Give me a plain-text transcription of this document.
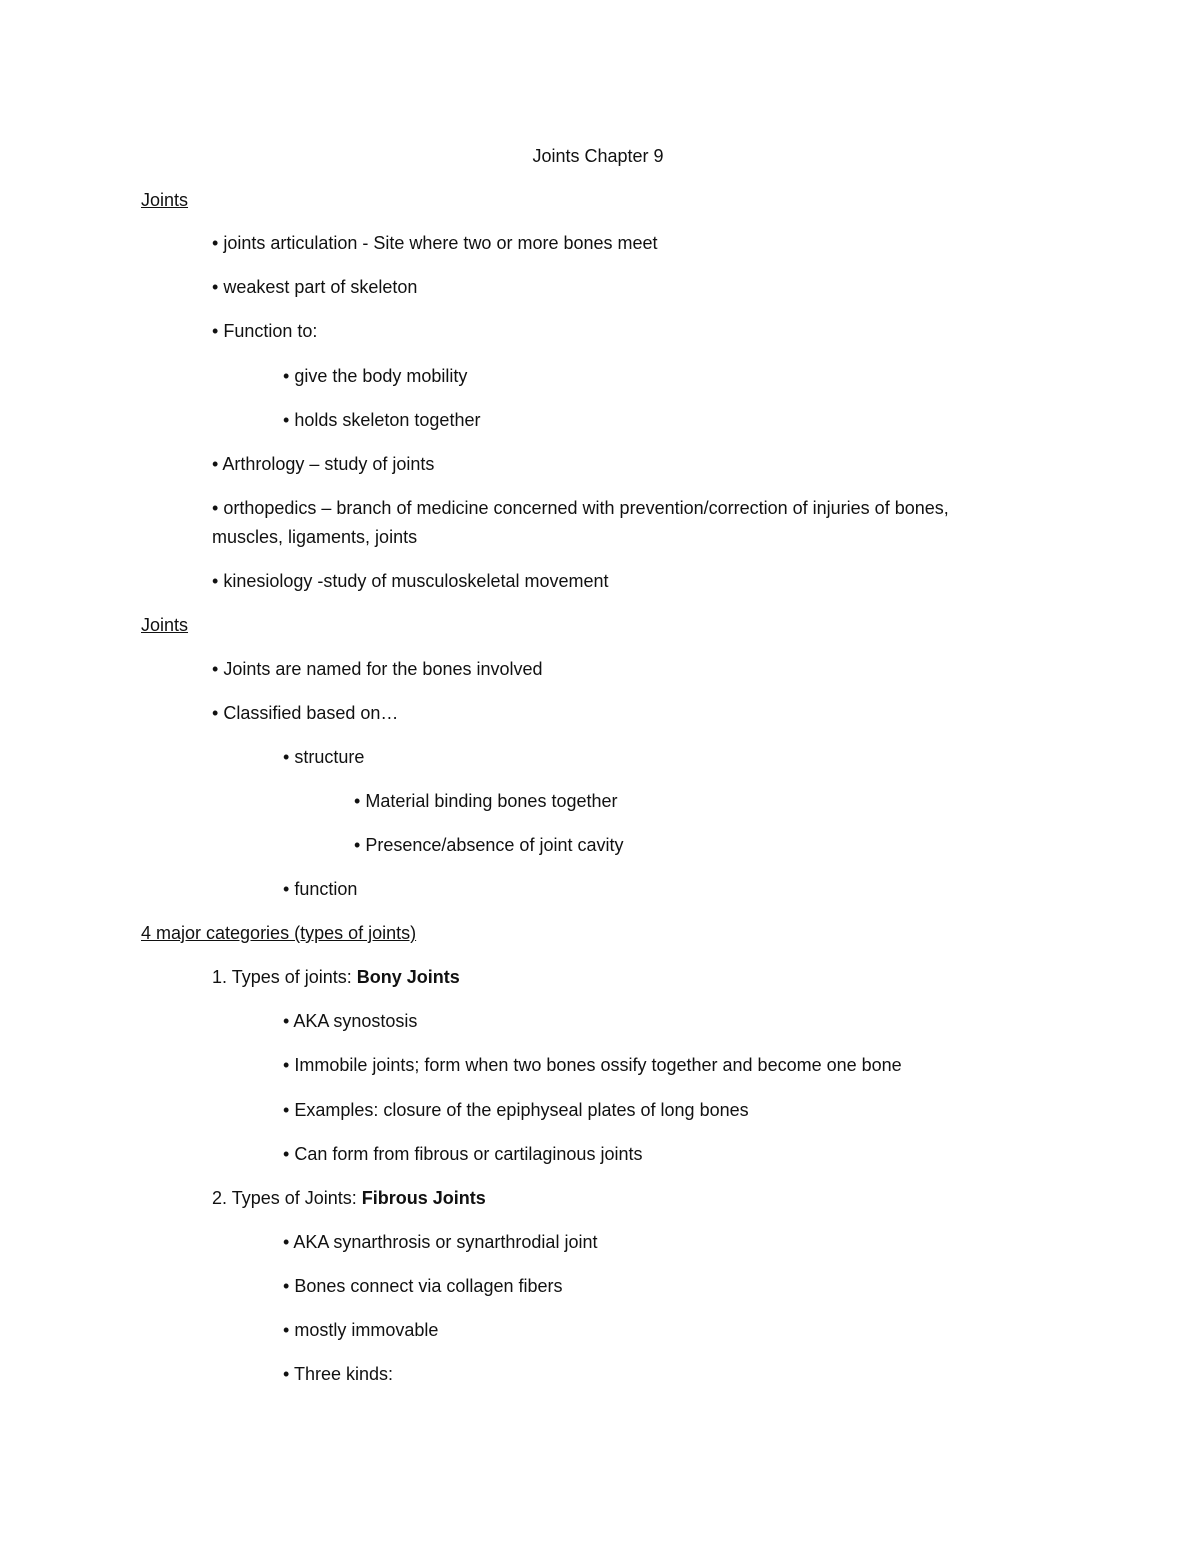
Joints Chapter 9
Joints
• joints articulation - Site where two or more bones meet
• weakest part of skeleton
• Function to:
• give the body mobility
• holds skeleton together
• Arthrology – study of joints
• orthopedics – branch of medicine concerned with prevention/correction of injuries of bones,
muscles, ligaments, joints
• kinesiology -study of musculoskeletal movement
Joints
• Joints are named for the bones involved
• Classified based on…
• structure
• Material binding bones together
• Presence/absence of joint cavity
• function
4 major categories (types of joints)
1. Types of joints: Bony Joints
• AKA synostosis
• Immobile joints; form when two bones ossify together and become one bone
• Examples: closure of the epiphyseal plates of long bones
• Can form from fibrous or cartilaginous joints
2. Types of Joints: Fibrous Joints
• AKA synarthrosis or synarthrodial joint
• Bones connect via collagen fibers
• mostly immovable
• Three kinds:
